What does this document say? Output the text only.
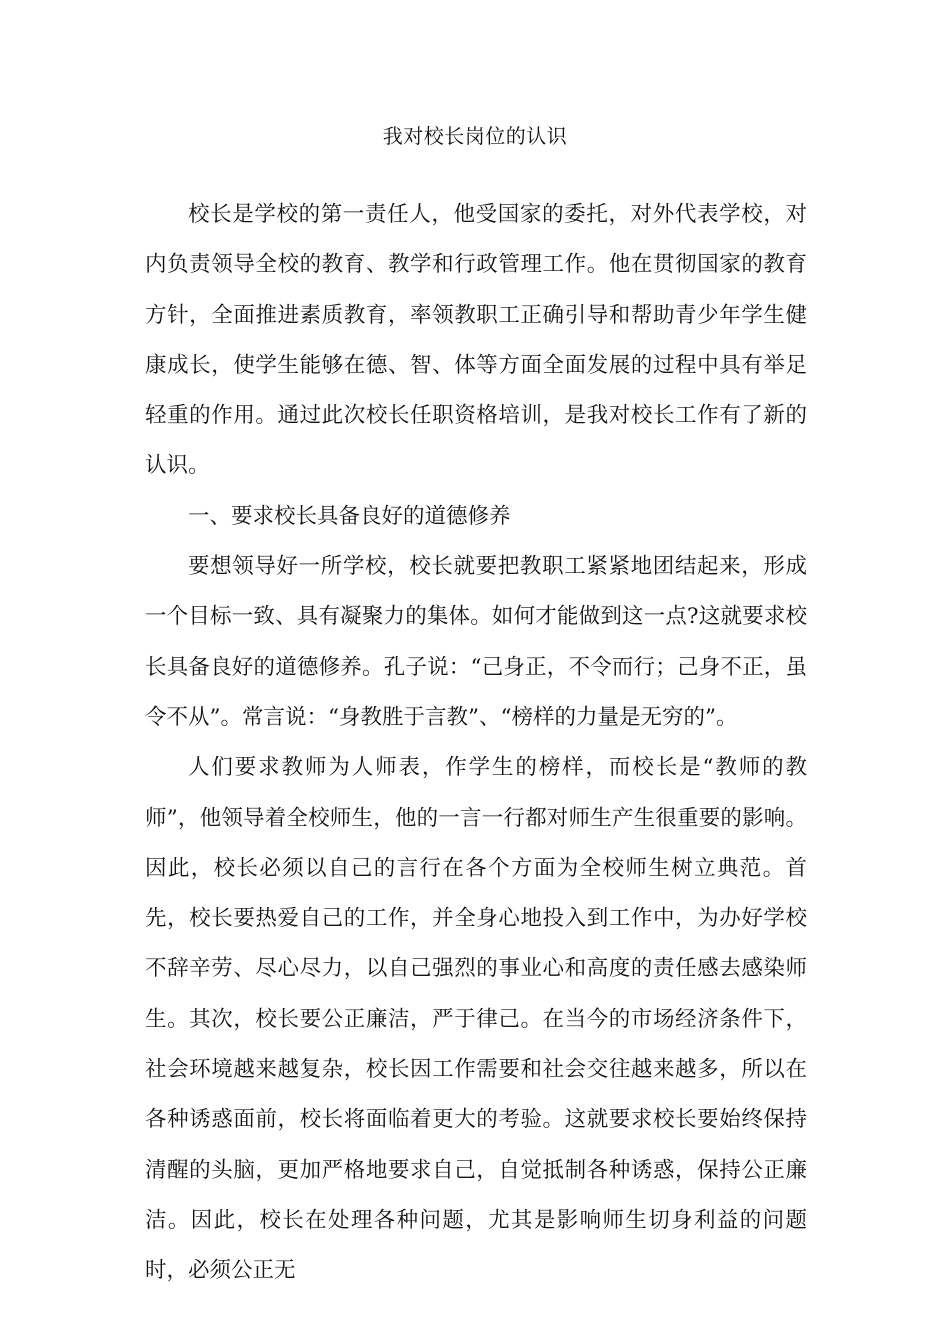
我对校长岗位的认识

校长是学校的第一责任人，他受国家的委托，对外代表学校，对内负责领导全校的教育、教学和行政管理工作。他在贯彻国家的教育方针，全面推进素质教育，率领教职工正确引导和帮助青少年学生健康成长，使学生能够在德、智、体等方面全面发展的过程中具有举足轻重的作用。通过此次校长任职资格培训，是我对校长工作有了新的认识。

一、要求校长具备良好的道德修养

要想领导好一所学校，校长就要把教职工紧紧地团结起来，形成一个目标一致、具有凝聚力的集体。如何才能做到这一点?这就要求校长具备良好的道德修养。孔子说：“己身正，不令而行；己身不正，虽令不从”。常言说：“身教胜于言教”、“榜样的力量是无穷的”。

人们要求教师为人师表，作学生的榜样，而校长是“教师的教师”，他领导着全校师生，他的一言一行都对师生产生很重要的影响。因此，校长必须以自己的言行在各个方面为全校师生树立典范。首先，校长要热爱自己的工作，并全身心地投入到工作中，为办好学校不辞辛劳、尽心尽力，以自己强烈的事业心和高度的责任感去感染师生。其次，校长要公正廉洁，严于律己。在当今的市场经济条件下，社会环境越来越复杂，校长因工作需要和社会交往越来越多，所以在各种诱惑面前，校长将面临着更大的考验。这就要求校长要始终保持清醒的头脑，更加严格地要求自己，自觉抵制各种诱惑，保持公正廉洁。因此，校长在处理各种问题，尤其是影响师生切身利益的问题时，必须公正无
